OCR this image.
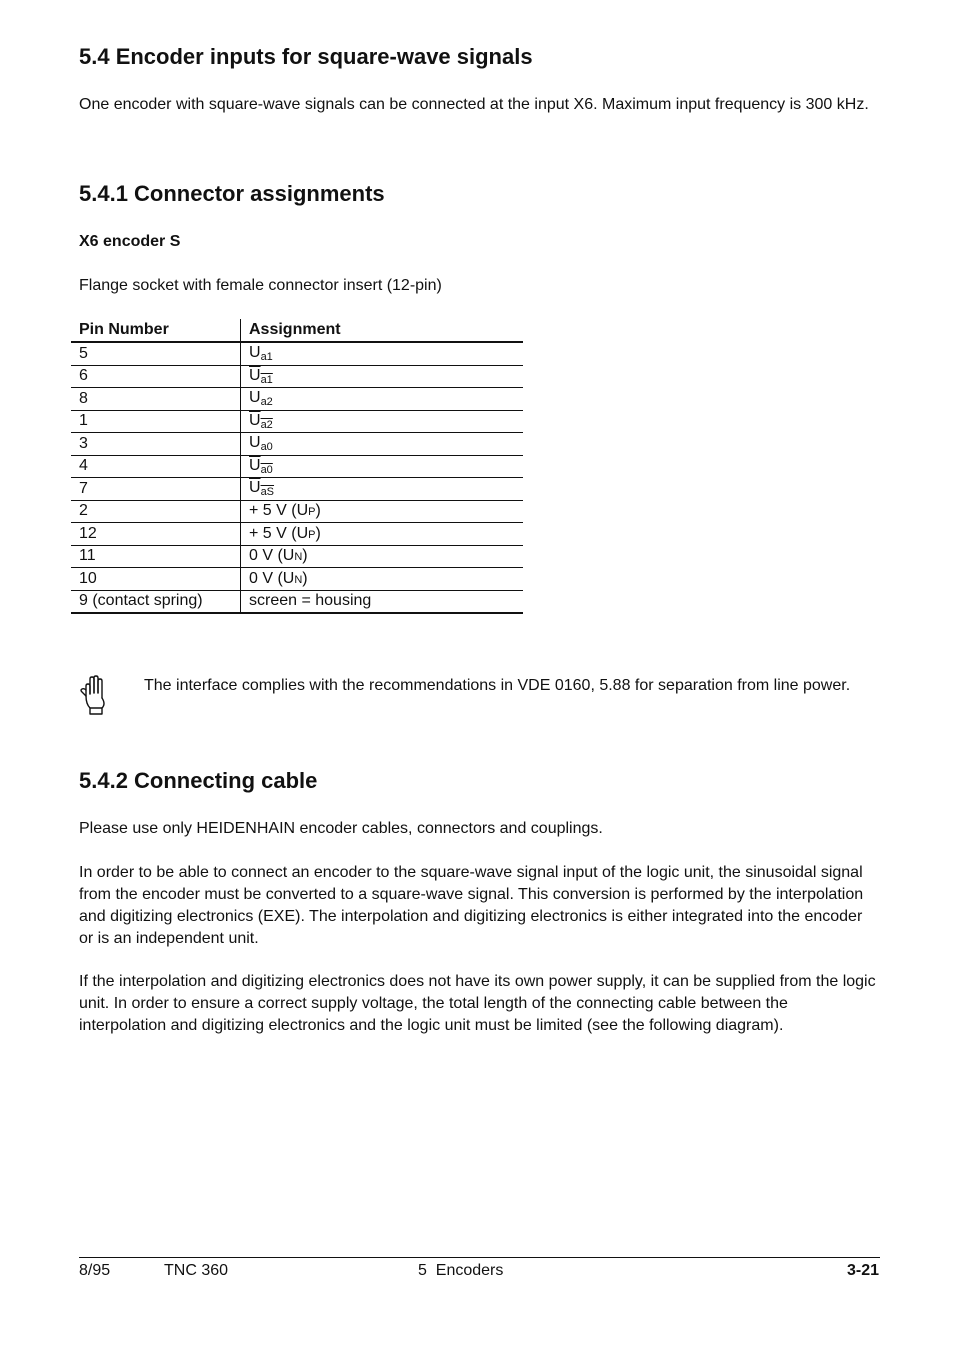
5.4 Encoder inputs for square-wave signals

One encoder with square-wave signals can be connected at the input X6. Maximum input frequency is 300 kHz.

5.4.1 Connector assignments
X6 encoder S

Flange socket with female connector insert (12-pin)

Pin Number	Assignment
5	$U_{a1}$
6	$U_{a1}$
8	$U_{a2}$
1	$U_{a2}$
3	$U_{a0}$
4	$U_{a0}$
7	$U_{aS}$
2	+ 5 V (UP)
12	+ 5 V (UP)
11	0 V (UN)
10	0 V (UN)
9 (contact spring)	screen = housing

The interface complies with the recommendations in VDE 0160, 5.88 for separation from line power.

5.4.2 Connecting cable

Please use only HEIDENHAIN encoder cables, connectors and couplings.

In order to be able to connect an encoder to the square-wave signal input of the logic unit, the sinusoidal signal from the encoder must be converted to a square-wave signal. This conversion is performed by the interpolation and digitizing electronics (EXE). The interpolation and digitizing electronics is either integrated into the encoder or is an independent unit.

If the interpolation and digitizing electronics does not have its own power supply, it can be supplied from the logic unit. In order to ensure a correct supply voltage, the total length of the connecting cable between the interpolation and digitizing electronics and the logic unit must be limited (see the following diagram).

8/95	TNC 360	5  Encoders	3-21
